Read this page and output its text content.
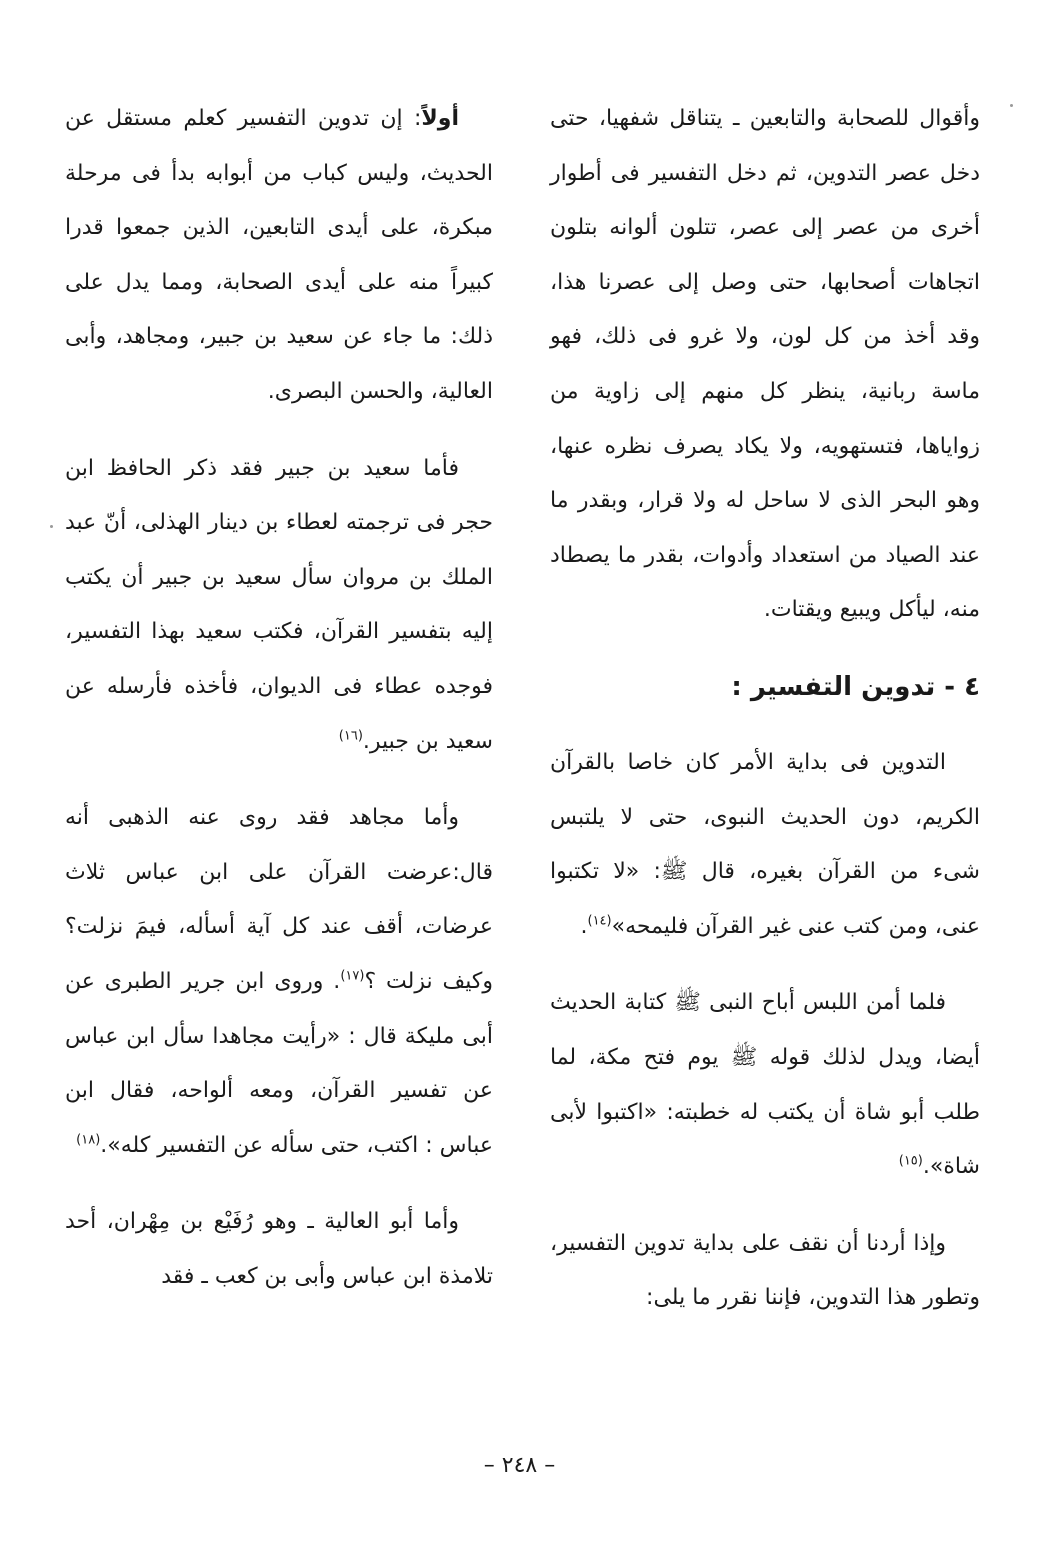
وأقوال للصحابة والتابعين ـ يتناقل شفهيا، حتى دخل عصر التدوين، ثم دخل التفسير فى أطوار أخرى من عصر إلى عصر، تتلون ألوانه بتلون اتجاهات أصحابها، حتى وصل إلى عصرنا هذا، وقد أخذ من كل لون، ولا غرو فى ذلك، فهو ماسة ربانية، ينظر كل منهم إلى زاوية من زواياها، فتستهويه، ولا يكاد يصرف نظره عنها، وهو البحر الذى لا ساحل له ولا قرار، وبقدر ما عند الصياد من استعداد وأدوات، بقدر ما يصطاد منه، ليأكل ويبيع ويقتات.

٤ - تدوين التفسير :

التدوين فى بداية الأمر كان خاصا بالقرآن الكريم، دون الحديث النبوى، حتى لا يلتبس شىء من القرآن بغيره، قال ﷺ: «لا تكتبوا عنى، ومن كتب عنى غير القرآن فليمحه»$^{(١٤)}$.

فلما أمن اللبس أباح النبى ﷺ كتابة الحديث أيضا، ويدل لذلك قوله ﷺ يوم فتح مكة، لما طلب أبو شاة أن يكتب له خطبته: «اكتبوا لأبى شاة».$^{(١٥)}$

وإذا أردنا أن نقف على بداية تدوين التفسير، وتطور هذا التدوين، فإننا نقرر ما يلى:

أولاً: إن تدوين التفسير كعلم مستقل عن الحديث، وليس كباب من أبوابه بدأ فى مرحلة مبكرة، على أيدى التابعين، الذين جمعوا قدرا كبيراً منه على أيدى الصحابة، ومما يدل على ذلك: ما جاء عن سعيد بن جبير، ومجاهد، وأبى العالية، والحسن البصرى.

فأما سعيد بن جبير فقد ذكر الحافظ ابن حجر فى ترجمته لعطاء بن دينار الهذلى، أنّ عبد الملك بن مروان سأل سعيد بن جبير أن يكتب إليه بتفسير القرآن، فكتب سعيد بهذا التفسير، فوجده عطاء فى الديوان، فأخذه فأرسله عن سعيد بن جبير.$^{(١٦)}$

وأما مجاهد فقد روى عنه الذهبى أنه قال:عرضت القرآن على ابن عباس ثلاث عرضات، أقف عند كل آية أسأله، فيمَ نزلت؟ وكيف نزلت ؟$^{(١٧)}$. وروى ابن جرير الطبرى عن أبى مليكة قال : «رأيت مجاهدا سأل ابن عباس عن تفسير القرآن، ومعه ألواحه، فقال ابن عباس : اكتب، حتى سأله عن التفسير كله».$^{(١٨)}$

وأما أبو العالية ـ وهو رُفَيْع بن مِهْران، أحد تلامذة ابن عباس وأبى بن كعب ـ فقد

– ٢٤٨ –
